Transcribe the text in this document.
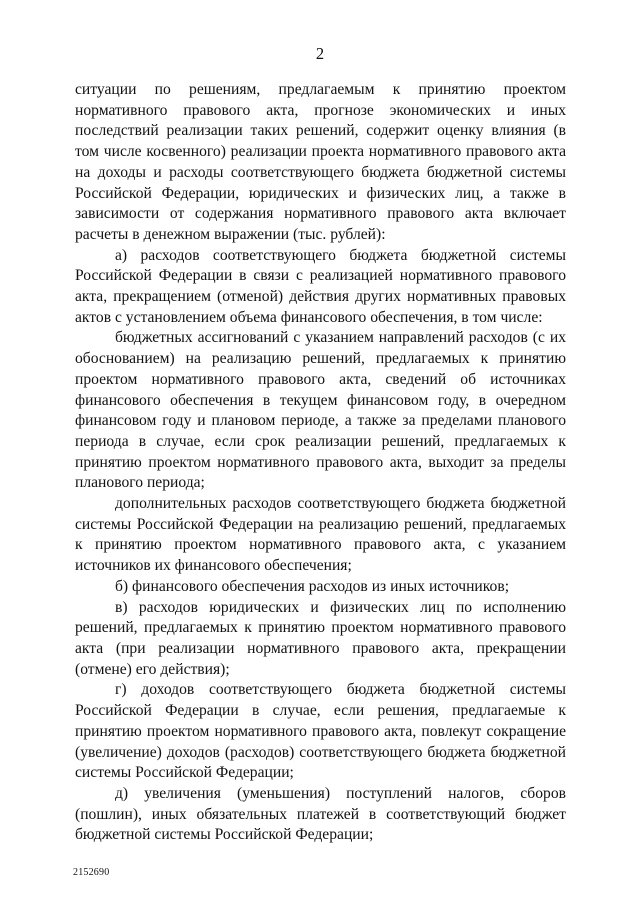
2

ситуации по решениям, предлагаемым к принятию проектом нормативного правового акта, прогнозе экономических и иных последствий реализации таких решений, содержит оценку влияния (в том числе косвенного) реализации проекта нормативного правового акта на доходы и расходы соответствующего бюджета бюджетной системы Российской Федерации, юридических и физических лиц, а также в зависимости от содержания нормативного правового акта включает расчеты в денежном выражении (тыс. рублей):

а) расходов соответствующего бюджета бюджетной системы Российской Федерации в связи с реализацией нормативного правового акта, прекращением (отменой) действия других нормативных правовых актов с установлением объема финансового обеспечения, в том числе:

бюджетных ассигнований с указанием направлений расходов (с их обоснованием) на реализацию решений, предлагаемых к принятию проектом нормативного правового акта, сведений об источниках финансового обеспечения в текущем финансовом году, в очередном финансовом году и плановом периоде, а также за пределами планового периода в случае, если срок реализации решений, предлагаемых к принятию проектом нормативного правового акта, выходит за пределы планового периода;

дополнительных расходов соответствующего бюджета бюджетной системы Российской Федерации на реализацию решений, предлагаемых к принятию проектом нормативного правового акта, с указанием источников их финансового обеспечения;

б) финансового обеспечения расходов из иных источников;

в) расходов юридических и физических лиц по исполнению решений, предлагаемых к принятию проектом нормативного правового акта (при реализации нормативного правового акта, прекращении (отмене) его действия);

г) доходов соответствующего бюджета бюджетной системы Российской Федерации в случае, если решения, предлагаемые к принятию проектом нормативного правового акта, повлекут сокращение (увеличение) доходов (расходов) соответствующего бюджета бюджетной системы Российской Федерации;

д) увеличения (уменьшения) поступлений налогов, сборов (пошлин), иных обязательных платежей в соответствующий бюджет бюджетной системы Российской Федерации;

2152690
